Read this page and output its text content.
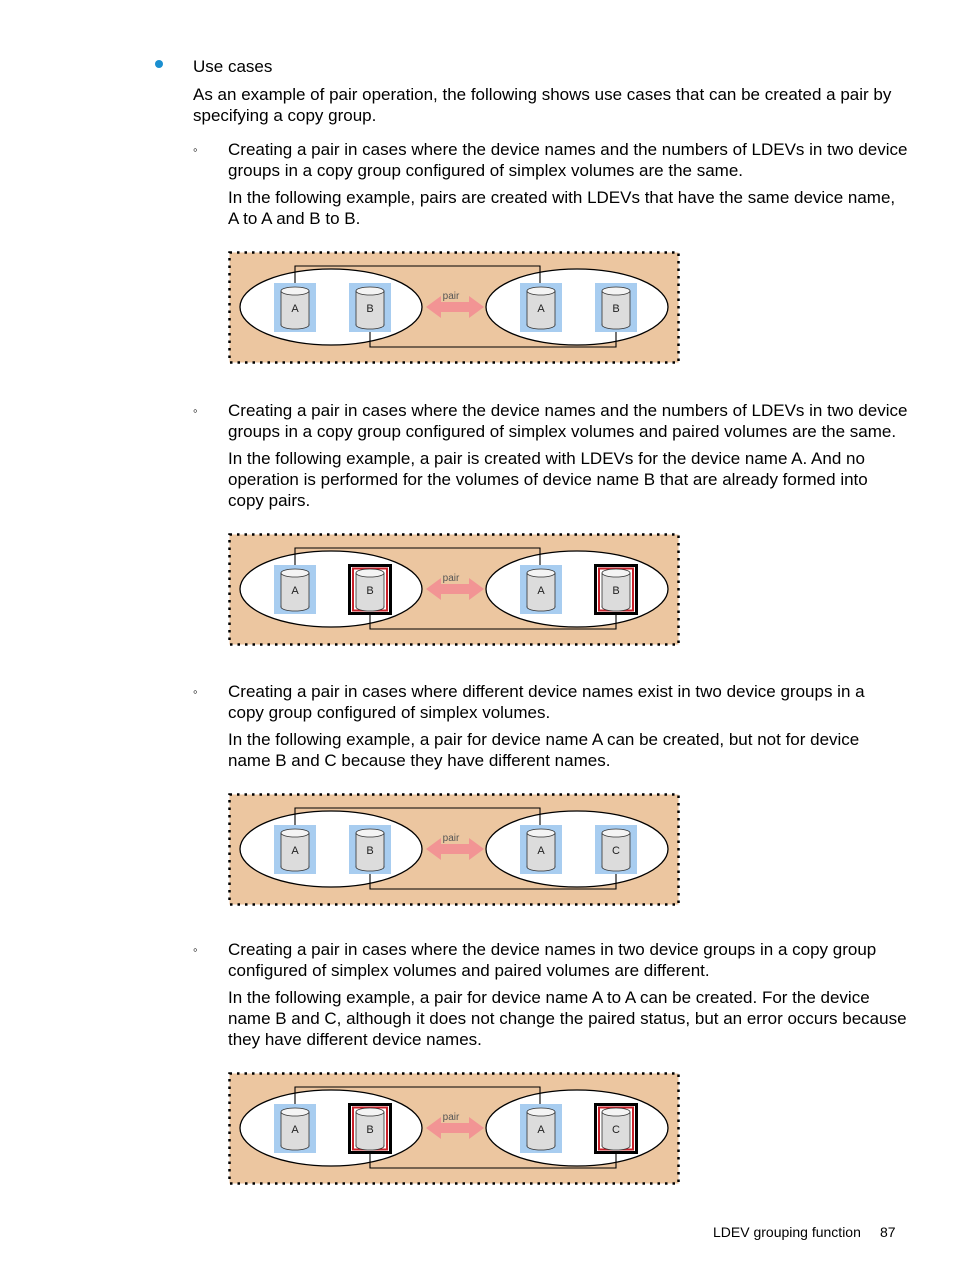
Use cases
As an example of pair operation, the following shows use cases that can be created a pair by specifying a copy group.
◦ Creating a pair in cases where the device names and the numbers of LDEVs in two device
groups in a copy group configured of simplex volumes are the same.
In the following example, pairs are created with LDEVs that have the same device name,
A to A and B to B.
pair
A	B	A	B
◦ Creating a pair in cases where the device names and the numbers of LDEVs in two device
groups in a copy group configured of simplex volumes and paired volumes are the same.
In the following example, a pair is created with LDEVs for the device name A. And no
operation is performed for the volumes of device name B that are already formed into
copy pairs.
pair
A	B	A	B
◦ Creating a pair in cases where different device names exist in two device groups in a
copy group configured of simplex volumes.
In the following example, a pair for device name A can be created, but not for device
name B and C because they have different names.
pair
A	B	A	C
◦ Creating a pair in cases where the device names in two device groups in a copy group
configured of simplex volumes and paired volumes are different.
In the following example, a pair for device name A to A can be created. For the device
name B and C, although it does not change the paired status, but an error occurs because
they have different device names.
pair
A	B	A	C
LDEV grouping function 87
